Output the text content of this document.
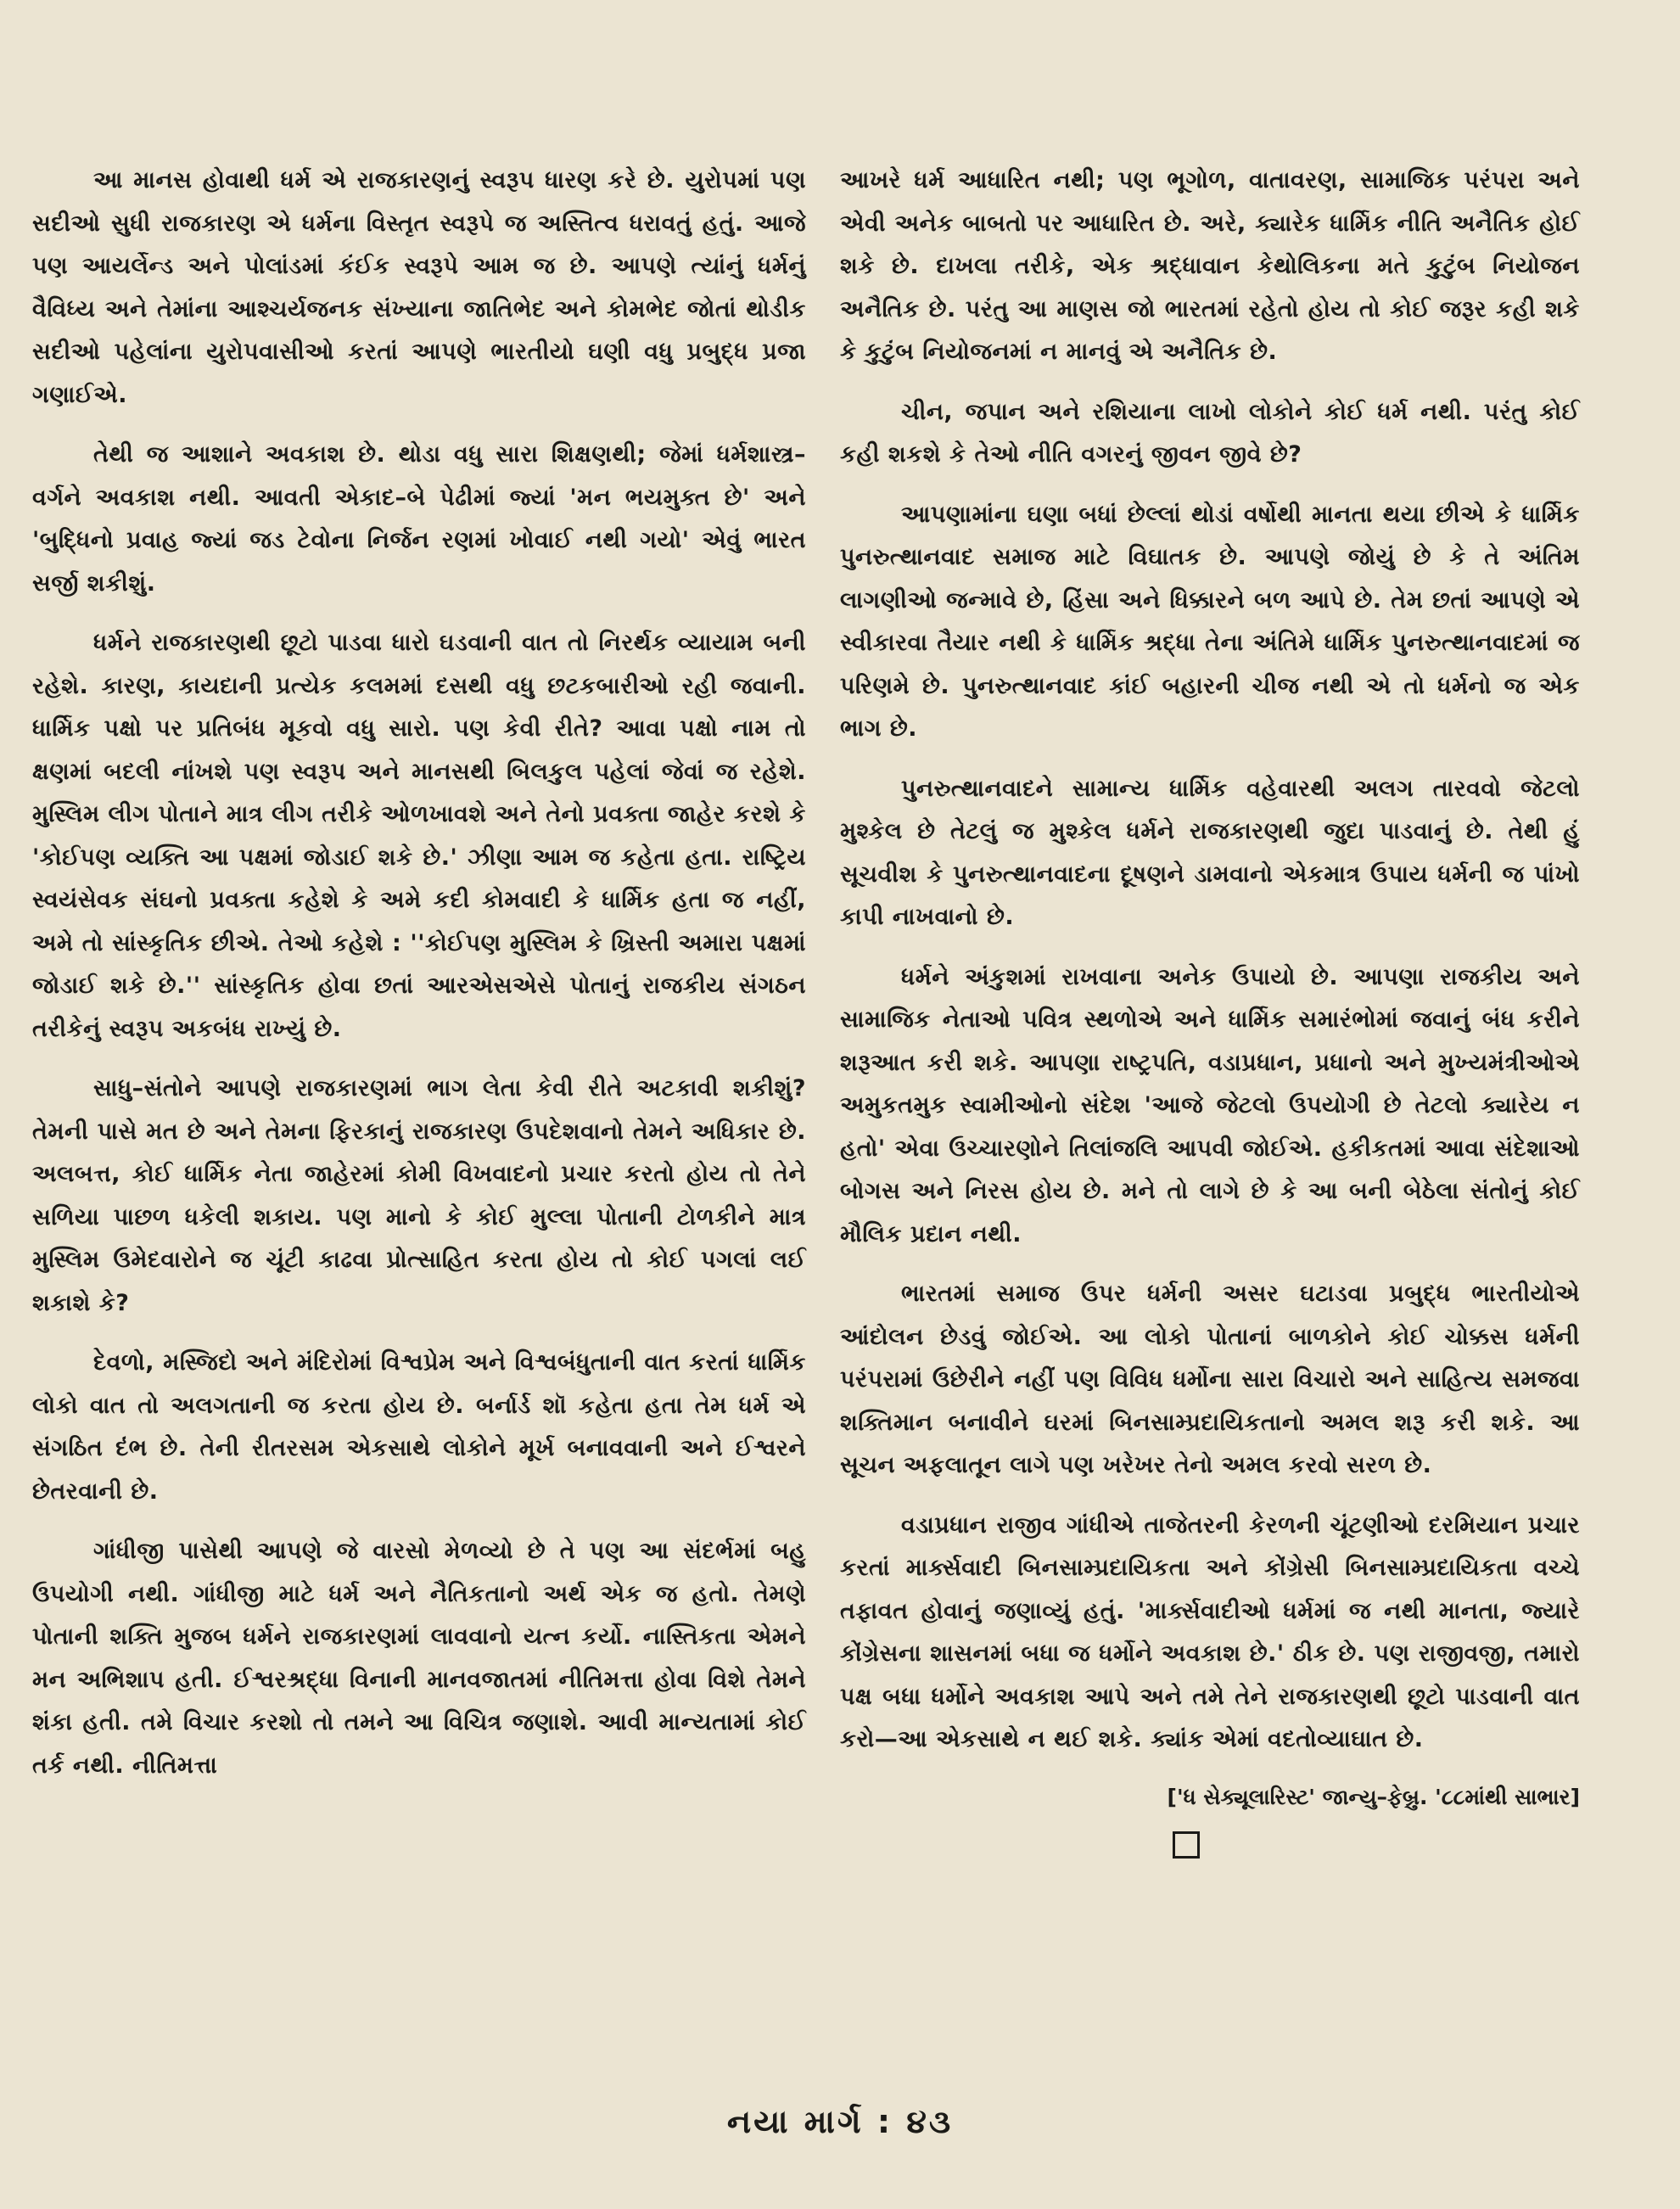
આ માનસ હોવાથી ધર્મ એ રાજકારણનું સ્વરૂપ ધારણ કરે છે. યુરોપમાં પણ સદીઓ સુધી રાજકારણ એ ધર્મના વિસ્તૃત સ્વરૂપે જ અસ્તિત્વ ધરાવતું હતું. આજે પણ આયર્લેન્ડ અને પોલાંડમાં કંઈક સ્વરૂપે આમ જ છે. આપણે ત્યાંનું ધર્મનું વૈવિધ્ય અને તેમાંના આશ્ચર્યજનક સંખ્યાના જાતિભેદ અને કોમભેદ જોતાં થોડીક સદીઓ પહેલાંના યુરોપવાસીઓ કરતાં આપણે ભારતીયો ઘણી વધુ પ્રબુદ્ધ પ્રજા ગણાઈએ.

તેથી જ આશાને અવકાશ છે. થોડા વધુ સારા શિક્ષણથી; જેમાં ધર્મશાસ્ત્ર–વર્ગને અવકાશ નથી. આવતી એકાદ–બે પેઢીમાં જ્યાં 'મન ભયમુક્ત છે' અને 'બુદ્ધિનો પ્રવાહ જ્યાં જડ ટેવોના નિર્જન રણમાં ખોવાઈ નથી ગયો' એવું ભારત સર્જી શકીશું.

ધર્મને રાજકારણથી છૂટો પાડવા ધારો ઘડવાની વાત તો નિરર્થક વ્યાયામ બની રહેશે. કારણ, કાયદાની પ્રત્યેક કલમમાં દસથી વધુ છટકબારીઓ રહી જવાની. ધાર્મિક પક્ષો પર પ્રતિબંધ મૂકવો વધુ સારો. પણ કેવી રીતે? આવા પક્ષો નામ તો ક્ષણમાં બદલી નાંખશે પણ સ્વરૂપ અને માનસથી બિલકુલ પહેલાં જેવાં જ રહેશે. મુસ્લિમ લીગ પોતાને માત્ર લીગ તરીકે ઓળખાવશે અને તેનો પ્રવક્તા જાહેર કરશે કે 'કોઈપણ વ્યક્તિ આ પક્ષમાં જોડાઈ શકે છે.' ઝીણા આમ જ કહેતા હતા. રાષ્ટ્રિય સ્વયંસેવક સંઘનો પ્રવક્તા કહેશે કે અમે કદી કોમવાદી કે ધાર્મિક હતા જ નહીં, અમે તો સાંસ્કૃતિક છીએ. તેઓ કહેશે : ''કોઈપણ મુસ્લિમ કે ખ્રિસ્તી અમારા પક્ષમાં જોડાઈ શકે છે.'' સાંસ્કૃતિક હોવા છતાં આરએસએસે પોતાનું રાજકીય સંગઠન તરીકેનું સ્વરૂપ અકબંધ રાખ્યું છે.

સાધુ–સંતોને આપણે રાજકારણમાં ભાગ લેતા કેવી રીતે અટકાવી શકીશું? તેમની પાસે મત છે અને તેમના ફિરકાનું રાજકારણ ઉપદેશવાનો તેમને અધિકાર છે. અલબત્ત, કોઈ ધાર્મિક નેતા જાહેરમાં કોમી વિખવાદનો પ્રચાર કરતો હોય તો તેને સળિયા પાછળ ધકેલી શકાય. પણ માનો કે કોઈ મુલ્લા પોતાની ટોળકીને માત્ર મુસ્લિમ ઉમેદવારોને જ ચૂંટી કાઢવા પ્રોત્સાહિત કરતા હોય તો કોઈ પગલાં લઈ શકાશે કે?

દેવળો, મસ્જિદો અને મંદિરોમાં વિશ્વપ્રેમ અને વિશ્વબંધુતાની વાત કરતાં ધાર્મિક લોકો વાત તો અલગતાની જ કરતા હોય છે. બર્નાર્ડ શૉ કહેતા હતા તેમ ધર્મ એ સંગઠિત દંભ છે. તેની રીતરસમ એકસાથે લોકોને મૂર્ખ બનાવવાની અને ઈશ્વરને છેતરવાની છે.

ગાંધીજી પાસેથી આપણે જે વારસો મેળવ્યો છે તે પણ આ સંદર્ભમાં બહુ ઉપયોગી નથી. ગાંધીજી માટે ધર્મ અને નૈતિકતાનો અર્થ એક જ હતો. તેમણે પોતાની શક્તિ મુજબ ધર્મને રાજકારણમાં લાવવાનો યત્ન કર્યો. નાસ્તિકતા એમને મન અભિશાપ હતી. ઈશ્વરશ્રદ્ધા વિનાની માનવજાતમાં નીતિમત્તા હોવા વિશે તેમને શંકા હતી. તમે વિચાર કરશો તો તમને આ વિચિત્ર જણાશે. આવી માન્યતામાં કોઈ તર્ક નથી. નીતિમત્તા

આખરે ધર્મ આધારિત નથી; પણ ભૂગોળ, વાતાવરણ, સામાજિક પરંપરા અને એવી અનેક બાબતો પર આધારિત છે. અરે, ક્યારેક ધાર્મિક નીતિ અનૈતિક હોઈ શકે છે. દાખલા તરીકે, એક શ્રદ્ધાવાન કેથોલિકના મતે કુટુંબ નિયોજન અનૈતિક છે. પરંતુ આ માણસ જો ભારતમાં રહેતો હોય તો કોઈ જરૂર કહી શકે કે કુટુંબ નિયોજનમાં ન માનવું એ અનૈતિક છે.

ચીન, જપાન અને રશિયાના લાખો લોકોને કોઈ ધર્મ નથી. પરંતુ કોઈ કહી શકશે કે તેઓ નીતિ વગરનું જીવન જીવે છે?

આપણામાંના ઘણા બધાં છેલ્લાં થોડાં વર્ષોથી માનતા થયા છીએ કે ધાર્મિક પુનરુત્થાનવાદ સમાજ માટે વિઘાતક છે. આપણે જોયું છે કે તે અંતિમ લાગણીઓ જન્માવે છે, હિંસા અને ધિક્કારને બળ આપે છે. તેમ છતાં આપણે એ સ્વીકારવા તૈયાર નથી કે ધાર્મિક શ્રદ્ધા તેના અંતિમે ધાર્મિક પુનરુત્થાનવાદમાં જ પરિણમે છે. પુનરુત્થાનવાદ કાંઈ બહારની ચીજ નથી એ તો ધર્મનો જ એક ભાગ છે.

પુનરુત્થાનવાદને સામાન્ય ધાર્મિક વહેવારથી અલગ તારવવો જેટલો મુશ્કેલ છે તેટલું જ મુશ્કેલ ધર્મને રાજકારણથી જુદા પાડવાનું છે. તેથી હું સૂચવીશ કે પુનરુત્થાનવાદના દૂષણને ડામવાનો એકમાત્ર ઉપાય ધર્મની જ પાંખો કાપી નાખવાનો છે.

ધર્મને અંકુશમાં રાખવાના અનેક ઉપાયો છે. આપણા રાજકીય અને સામાજિક નેતાઓ પવિત્ર સ્થળોએ અને ધાર્મિક સમારંભોમાં જવાનું બંધ કરીને શરૂઆત કરી શકે. આપણા રાષ્ટ્રપતિ, વડાપ્રધાન, પ્રધાનો અને મુખ્યમંત્રીઓએ અમુકતમુક સ્વામીઓનો સંદેશ 'આજે જેટલો ઉપયોગી છે તેટલો ક્યારેય ન હતો' એવા ઉચ્ચારણોને તિલાંજલિ આપવી જોઈએ. હકીકતમાં આવા સંદેશાઓ બોગસ અને નિરસ હોય છે. મને તો લાગે છે કે આ બની બેઠેલા સંતોનું કોઈ મૌલિક પ્રદાન નથી.

ભારતમાં સમાજ ઉપર ધર્મની અસર ઘટાડવા પ્રબુદ્ધ ભારતીયોએ આંદોલન છેડવું જોઈએ. આ લોકો પોતાનાં બાળકોને કોઈ ચોક્કસ ધર્મની પરંપરામાં ઉછેરીને નહીં પણ વિવિધ ધર્મોના સારા વિચારો અને સાહિત્ય સમજવા શક્તિમાન બનાવીને ઘરમાં બિનસામ્પ્રદાયિકતાનો અમલ શરૂ કરી શકે. આ સૂચન અફલાતૂન લાગે પણ ખરેખર તેનો અમલ કરવો સરળ છે.

વડાપ્રધાન રાજીવ ગાંધીએ તાજેતરની કેરળની ચૂંટણીઓ દરમિયાન પ્રચાર કરતાં માર્ક્સવાદી બિનસામ્પ્રદાયિકતા અને કોંગ્રેસી બિનસામ્પ્રદાયિકતા વચ્ચે તફાવત હોવાનું જણાવ્યું હતું. 'માર્ક્સવાદીઓ ધર્મમાં જ નથી માનતા, જ્યારે કોંગ્રેસના શાસનમાં બધા જ ધર્મોને અવકાશ છે.' ઠીક છે. પણ રાજીવજી, તમારો પક્ષ બધા ધર્મોને અવકાશ આપે અને તમે તેને રાજકારણથી છૂટો પાડવાની વાત કરો—આ એકસાથે ન થઈ શકે. ક્યાંક એમાં વદતોવ્યાઘાત છે.

['ધ સેક્યૂલારિસ્ટ' જાન્યુ–ફેબ્રુ. '૮૮માંથી સાભાર]
નયા માર્ગ : ૪૩
